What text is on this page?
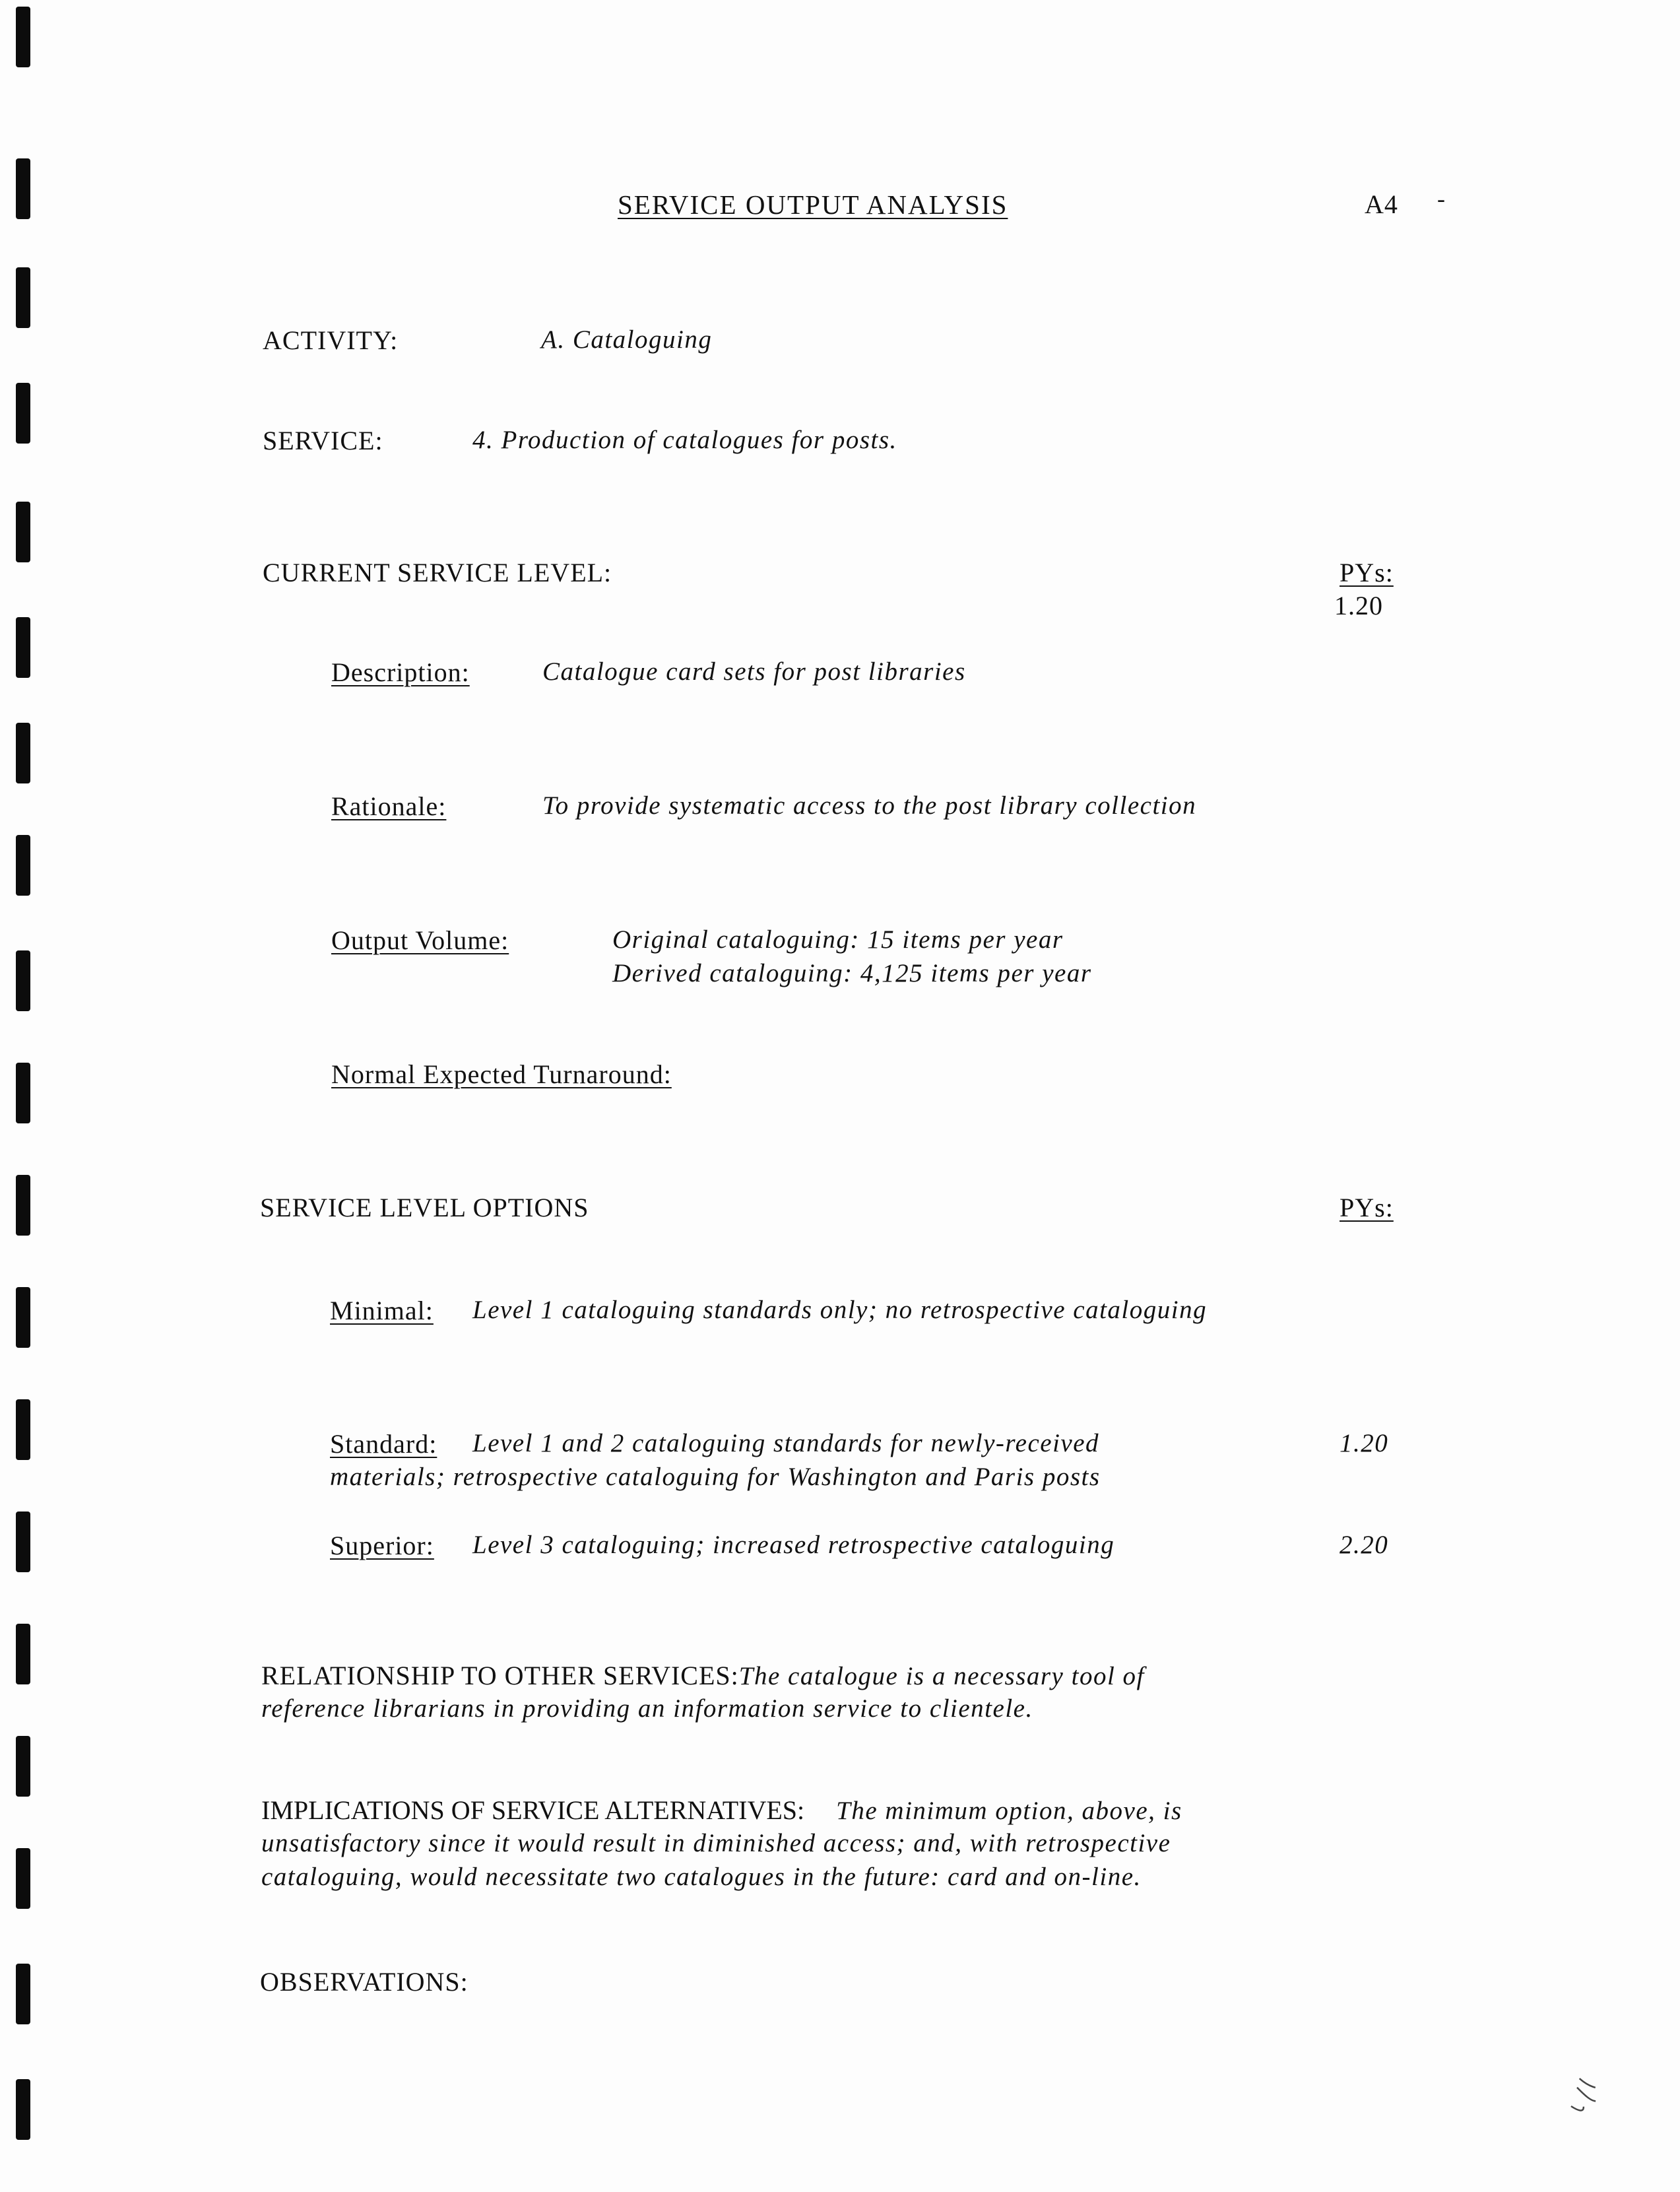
SERVICE OUTPUT ANALYSIS	A4 -
ACTIVITY:	A. Cataloguing
SERVICE:	4. Production of catalogues for posts.
CURRENT SERVICE LEVEL:	PYs:
1.20
Description:	Catalogue card sets for post libraries
Rationale:	To provide systematic access to the post library collection
Output Volume:	Original cataloguing: 15 items per year
Derived cataloguing: 4,125 items per year
Normal Expected Turnaround:
SERVICE LEVEL OPTIONS	PYs:
Minimal: Level 1 cataloguing standards only; no retrospective cataloguing
Standard: Level 1 and 2 cataloguing standards for newly-received	1.20
materials; retrospective cataloguing for Washington and Paris posts
Superior: Level 3 cataloguing; increased retrospective cataloguing	2.20
RELATIONSHIP TO OTHER SERVICES:The catalogue is a necessary tool of
reference librarians in providing an information service to clientele.
IMPLICATIONS OF SERVICE ALTERNATIVES: The minimum option, above, is
unsatisfactory since it would result in diminished access; and, with retrospective
cataloguing, would necessitate two catalogues in the future: card and on-line.
OBSERVATIONS:
